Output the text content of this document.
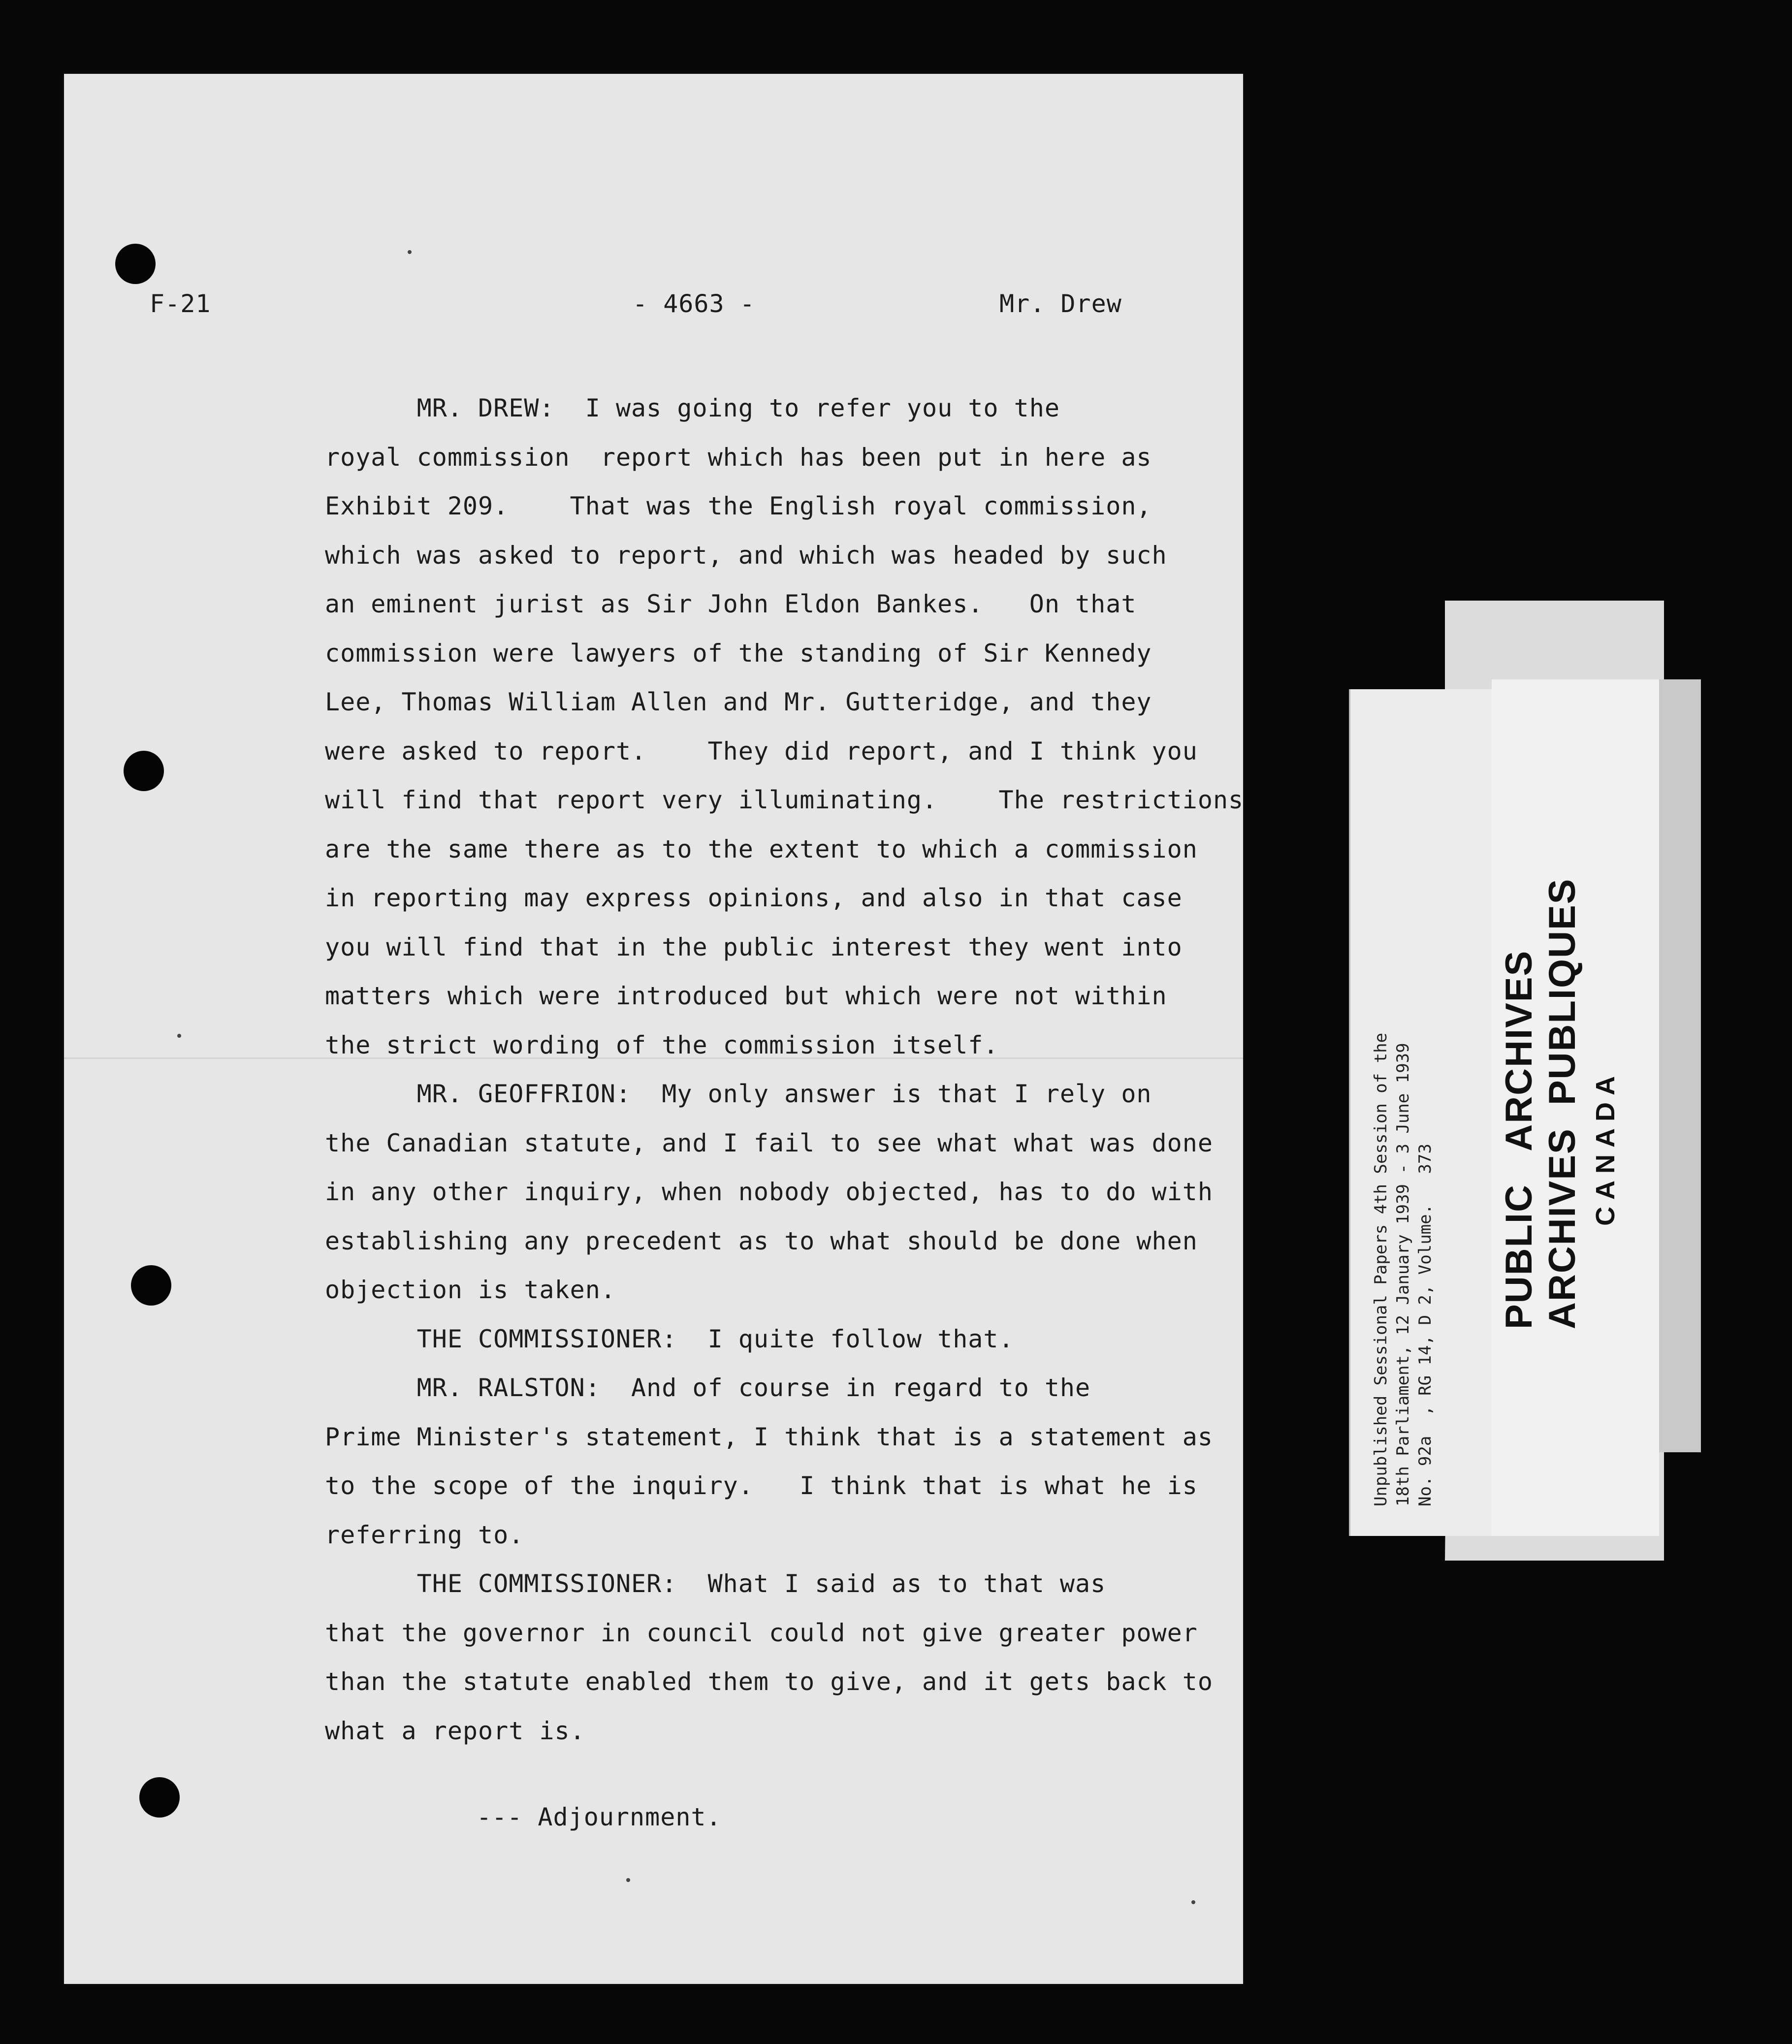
F-21	- 4663 -	Mr. Drew
MR. DREW:  I was going to refer you to the
royal commission  report which has been put in here as
Exhibit 209.    That was the English royal commission,
which was asked to report, and which was headed by such
an eminent jurist as Sir John Eldon Bankes.   On that
commission were lawyers of the standing of Sir Kennedy
Lee, Thomas William Allen and Mr. Gutteridge, and they
were asked to report.    They did report, and I think you
will find that report very illuminating.    The restrictions
are the same there as to the extent to which a commission
in reporting may express opinions, and also in that case
you will find that in the public interest they went into
matters which were introduced but which were not within
the strict wording of the commission itself.
MR. GEOFFRION:  My only answer is that I rely on
the Canadian statute, and I fail to see what what was done
in any other inquiry, when nobody objected, has to do with
establishing any precedent as to what should be done when
objection is taken.
THE COMMISSIONER:  I quite follow that.
MR. RALSTON:  And of course in regard to the
Prime Minister's statement, I think that is a statement as
to the scope of the inquiry.   I think that is what he is
referring to.
THE COMMISSIONER:  What I said as to that was
that the governor in council could not give greater power
than the statute enabled them to give, and it gets back to
what a report is.
--- Adjournment.
Unpublished Sessional Papers 4th Session of the 18th Parliament, 12 January 1939 - 3 June 1939 No. 92a  , RG 14, D 2, Volume.   373 PUBLIC   ARCHIVES ARCHIVES  PUBLIQUES CANADA
